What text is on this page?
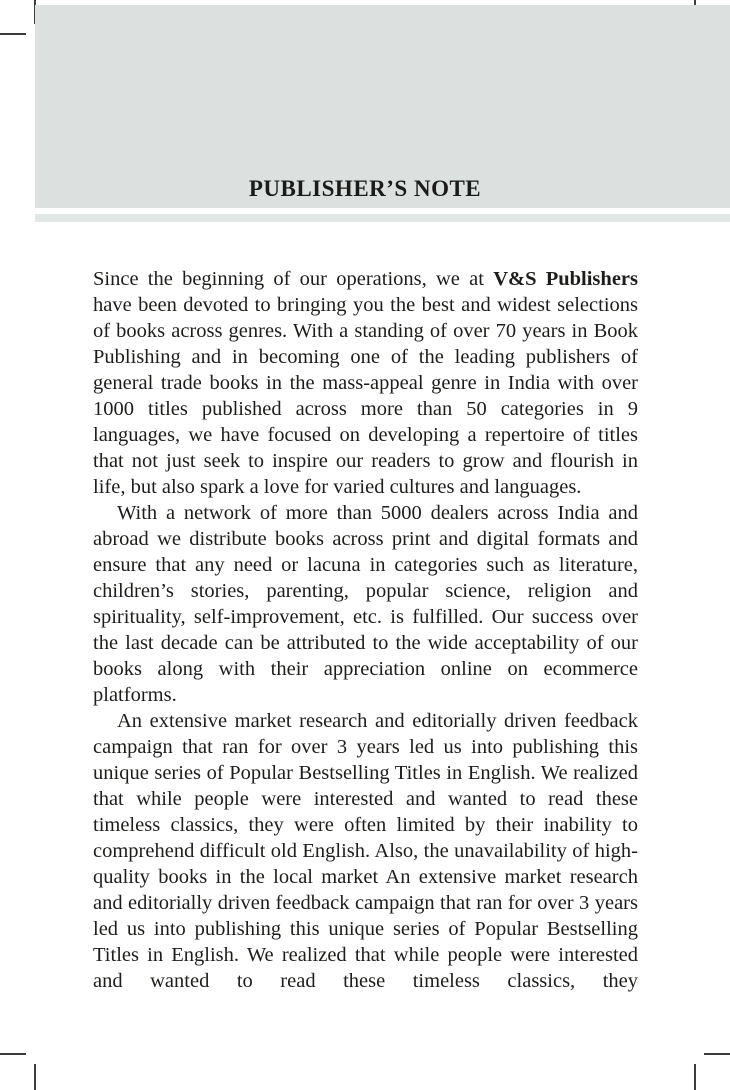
PUBLISHER’S NOTE

Since the beginning of our operations, we at V&S Publishers have been devoted to bringing you the best and widest selections of books across genres. With a standing of over 70 years in Book Publishing and in becoming one of the leading publishers of general trade books in the mass-appeal genre in India with over 1000 titles published across more than 50 categories in 9 languages, we have focused on developing a repertoire of titles that not just seek to inspire our readers to grow and flourish in life, but also spark a love for varied cultures and languages.

With a network of more than 5000 dealers across India and abroad we distribute books across print and digital formats and ensure that any need or lacuna in categories such as literature, children’s stories, parenting, popular science, religion and spirituality, self-improvement, etc. is fulfilled. Our success over the last decade can be attributed to the wide acceptability of our books along with their appreciation online on ecommerce platforms.

An extensive market research and editorially driven feedback campaign that ran for over 3 years led us into publishing this unique series of Popular Bestselling Titles in English. We realized that while people were interested and wanted to read these timeless classics, they were often limited by their inability to comprehend difficult old English. Also, the unavailability of high-quality books in the local market An extensive market research and editorially driven feedback campaign that ran for over 3 years led us into publishing this unique series of Popular Bestselling Titles in English. We realized that while people were interested and wanted to read these timeless classics, they
